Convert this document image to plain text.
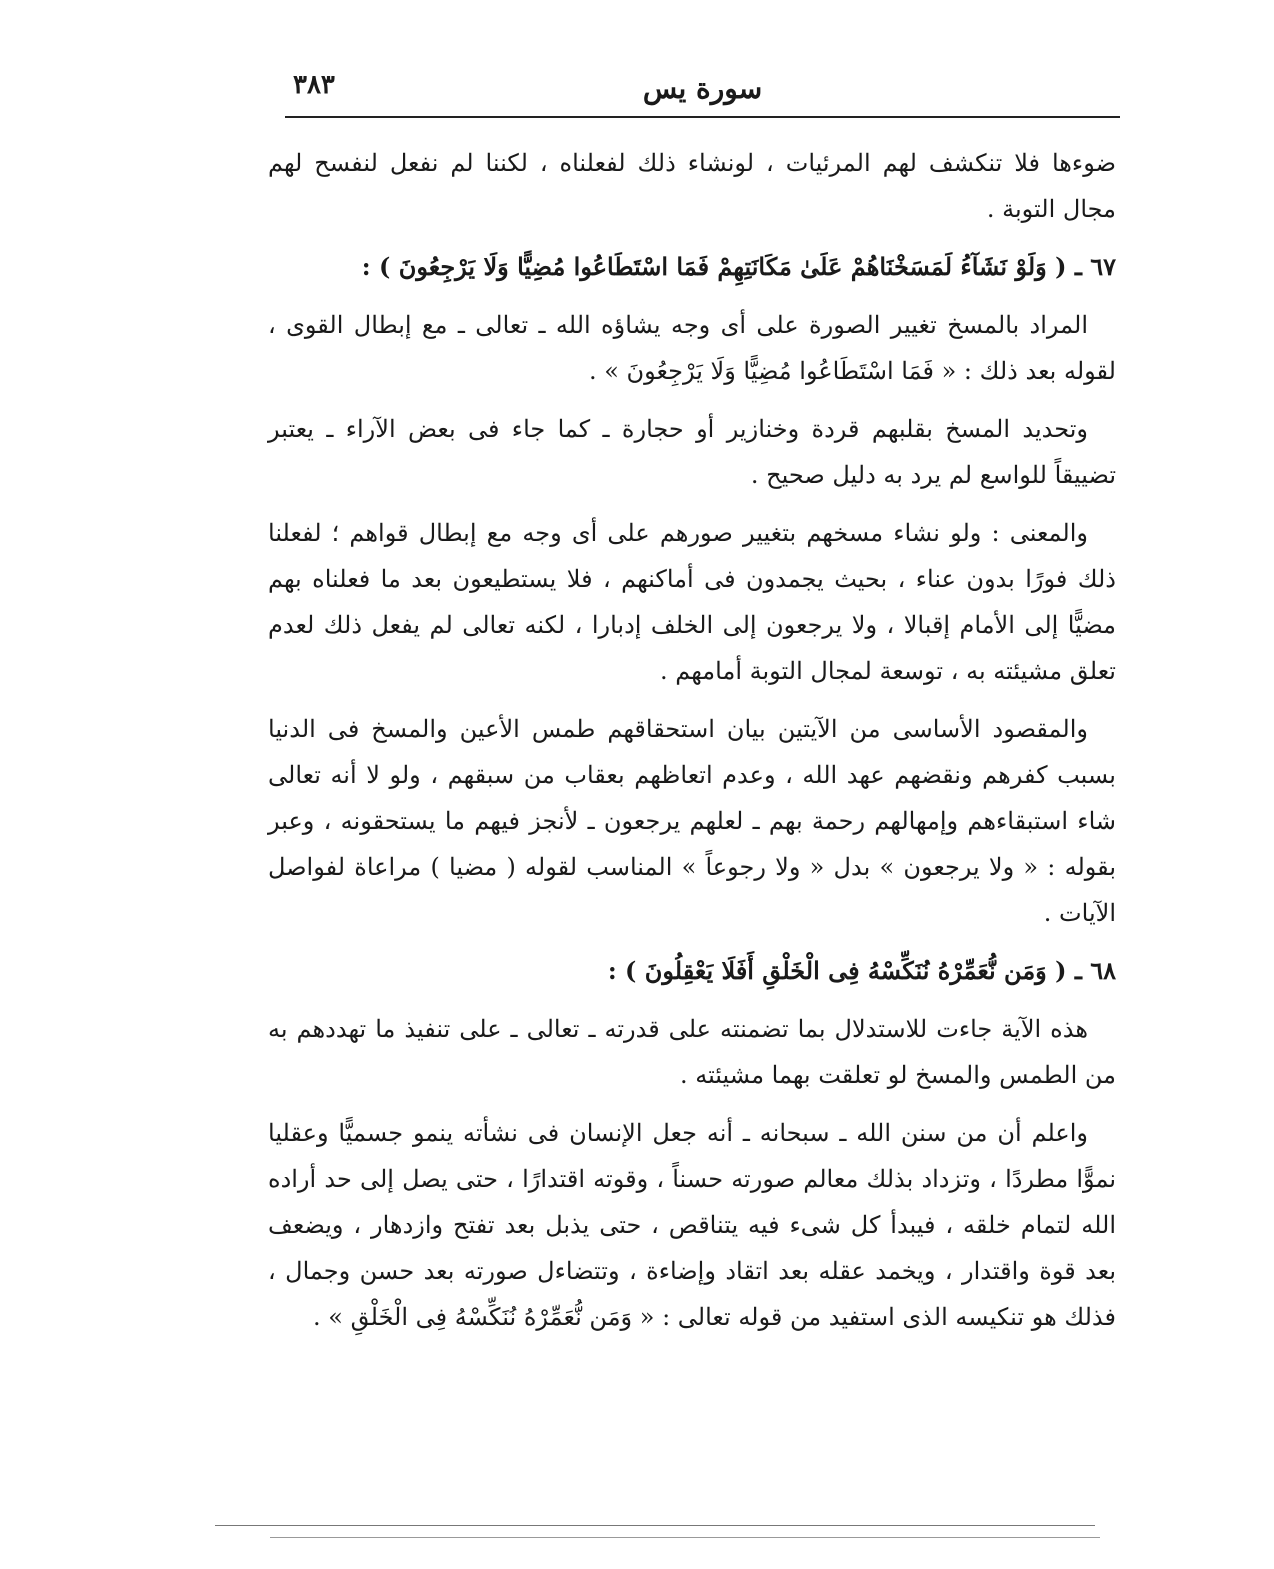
سورة يس
٣٨٣

ضوءها فلا تنكشف لهم المرئيات ، لونشاء ذلك لفعلناه ، لكننا لم نفعل لنفسح لهم مجال التوبة .

٦٧ ـ ( وَلَوْ نَشَآءُ لَمَسَخْنَاهُمْ عَلَىٰ مَكَانَتِهِمْ فَمَا اسْتَطَاعُوا مُضِيًّا وَلَا يَرْجِعُونَ ) :

المراد بالمسخ تغيير الصورة على أى وجه يشاؤه الله ـ تعالى ـ مع إبطال القوى ، لقوله بعد ذلك : « فَمَا اسْتَطَاعُوا مُضِيًّا وَلَا يَرْجِعُونَ » .

وتحديد المسخ بقلبهم قردة وخنازير أو حجارة ـ كما جاء فى بعض الآراء ـ يعتبر تضييقاً للواسع لم يرد به دليل صحيح .

والمعنى : ولو نشاء مسخهم بتغيير صورهم على أى وجه مع إبطال قواهم ؛ لفعلنا ذلك فورًا بدون عناء ، بحيث يجمدون فى أماكنهم ، فلا يستطيعون بعد ما فعلناه بهم مضيًّا إلى الأمام إقبالا ، ولا يرجعون إلى الخلف إدبارا ، لكنه تعالى لم يفعل ذلك لعدم تعلق مشيئته به ، توسعة لمجال التوبة أمامهم .

والمقصود الأساسى من الآيتين بيان استحقاقهم طمس الأعين والمسخ فى الدنيا بسبب كفرهم ونقضهم عهد الله ، وعدم اتعاظهم بعقاب من سبقهم ، ولو لا أنه تعالى شاء استبقاءهم وإمهالهم رحمة بهم ـ لعلهم يرجعون ـ لأنجز فيهم ما يستحقونه ، وعبر بقوله : « ولا يرجعون » بدل « ولا رجوعاً » المناسب لقوله ( مضيا ) مراعاة لفواصل الآيات .

٦٨ ـ ( وَمَن نُّعَمِّرْهُ نُنَكِّسْهُ فِى الْخَلْقِ أَفَلَا يَعْقِلُونَ ) :

هذه الآية جاءت للاستدلال بما تضمنته على قدرته ـ تعالى ـ على تنفيذ ما تهددهم به من الطمس والمسخ لو تعلقت بهما مشيئته .

واعلم أن من سنن الله ـ سبحانه ـ أنه جعل الإنسان فى نشأته ينمو جسميًّا وعقليا نموًّا مطردًا ، وتزداد بذلك معالم صورته حسناً ، وقوته اقتدارًا ، حتى يصل إلى حد أراده الله لتمام خلقه ، فيبدأ كل شىء فيه يتناقص ، حتى يذبل بعد تفتح وازدهار ، ويضعف بعد قوة واقتدار ، ويخمد عقله بعد اتقاد وإضاءة ، وتتضاءل صورته بعد حسن وجمال ، فذلك هو تنكيسه الذى استفيد من قوله تعالى : « وَمَن نُّعَمِّرْهُ نُنَكِّسْهُ فِى الْخَلْقِ » .
